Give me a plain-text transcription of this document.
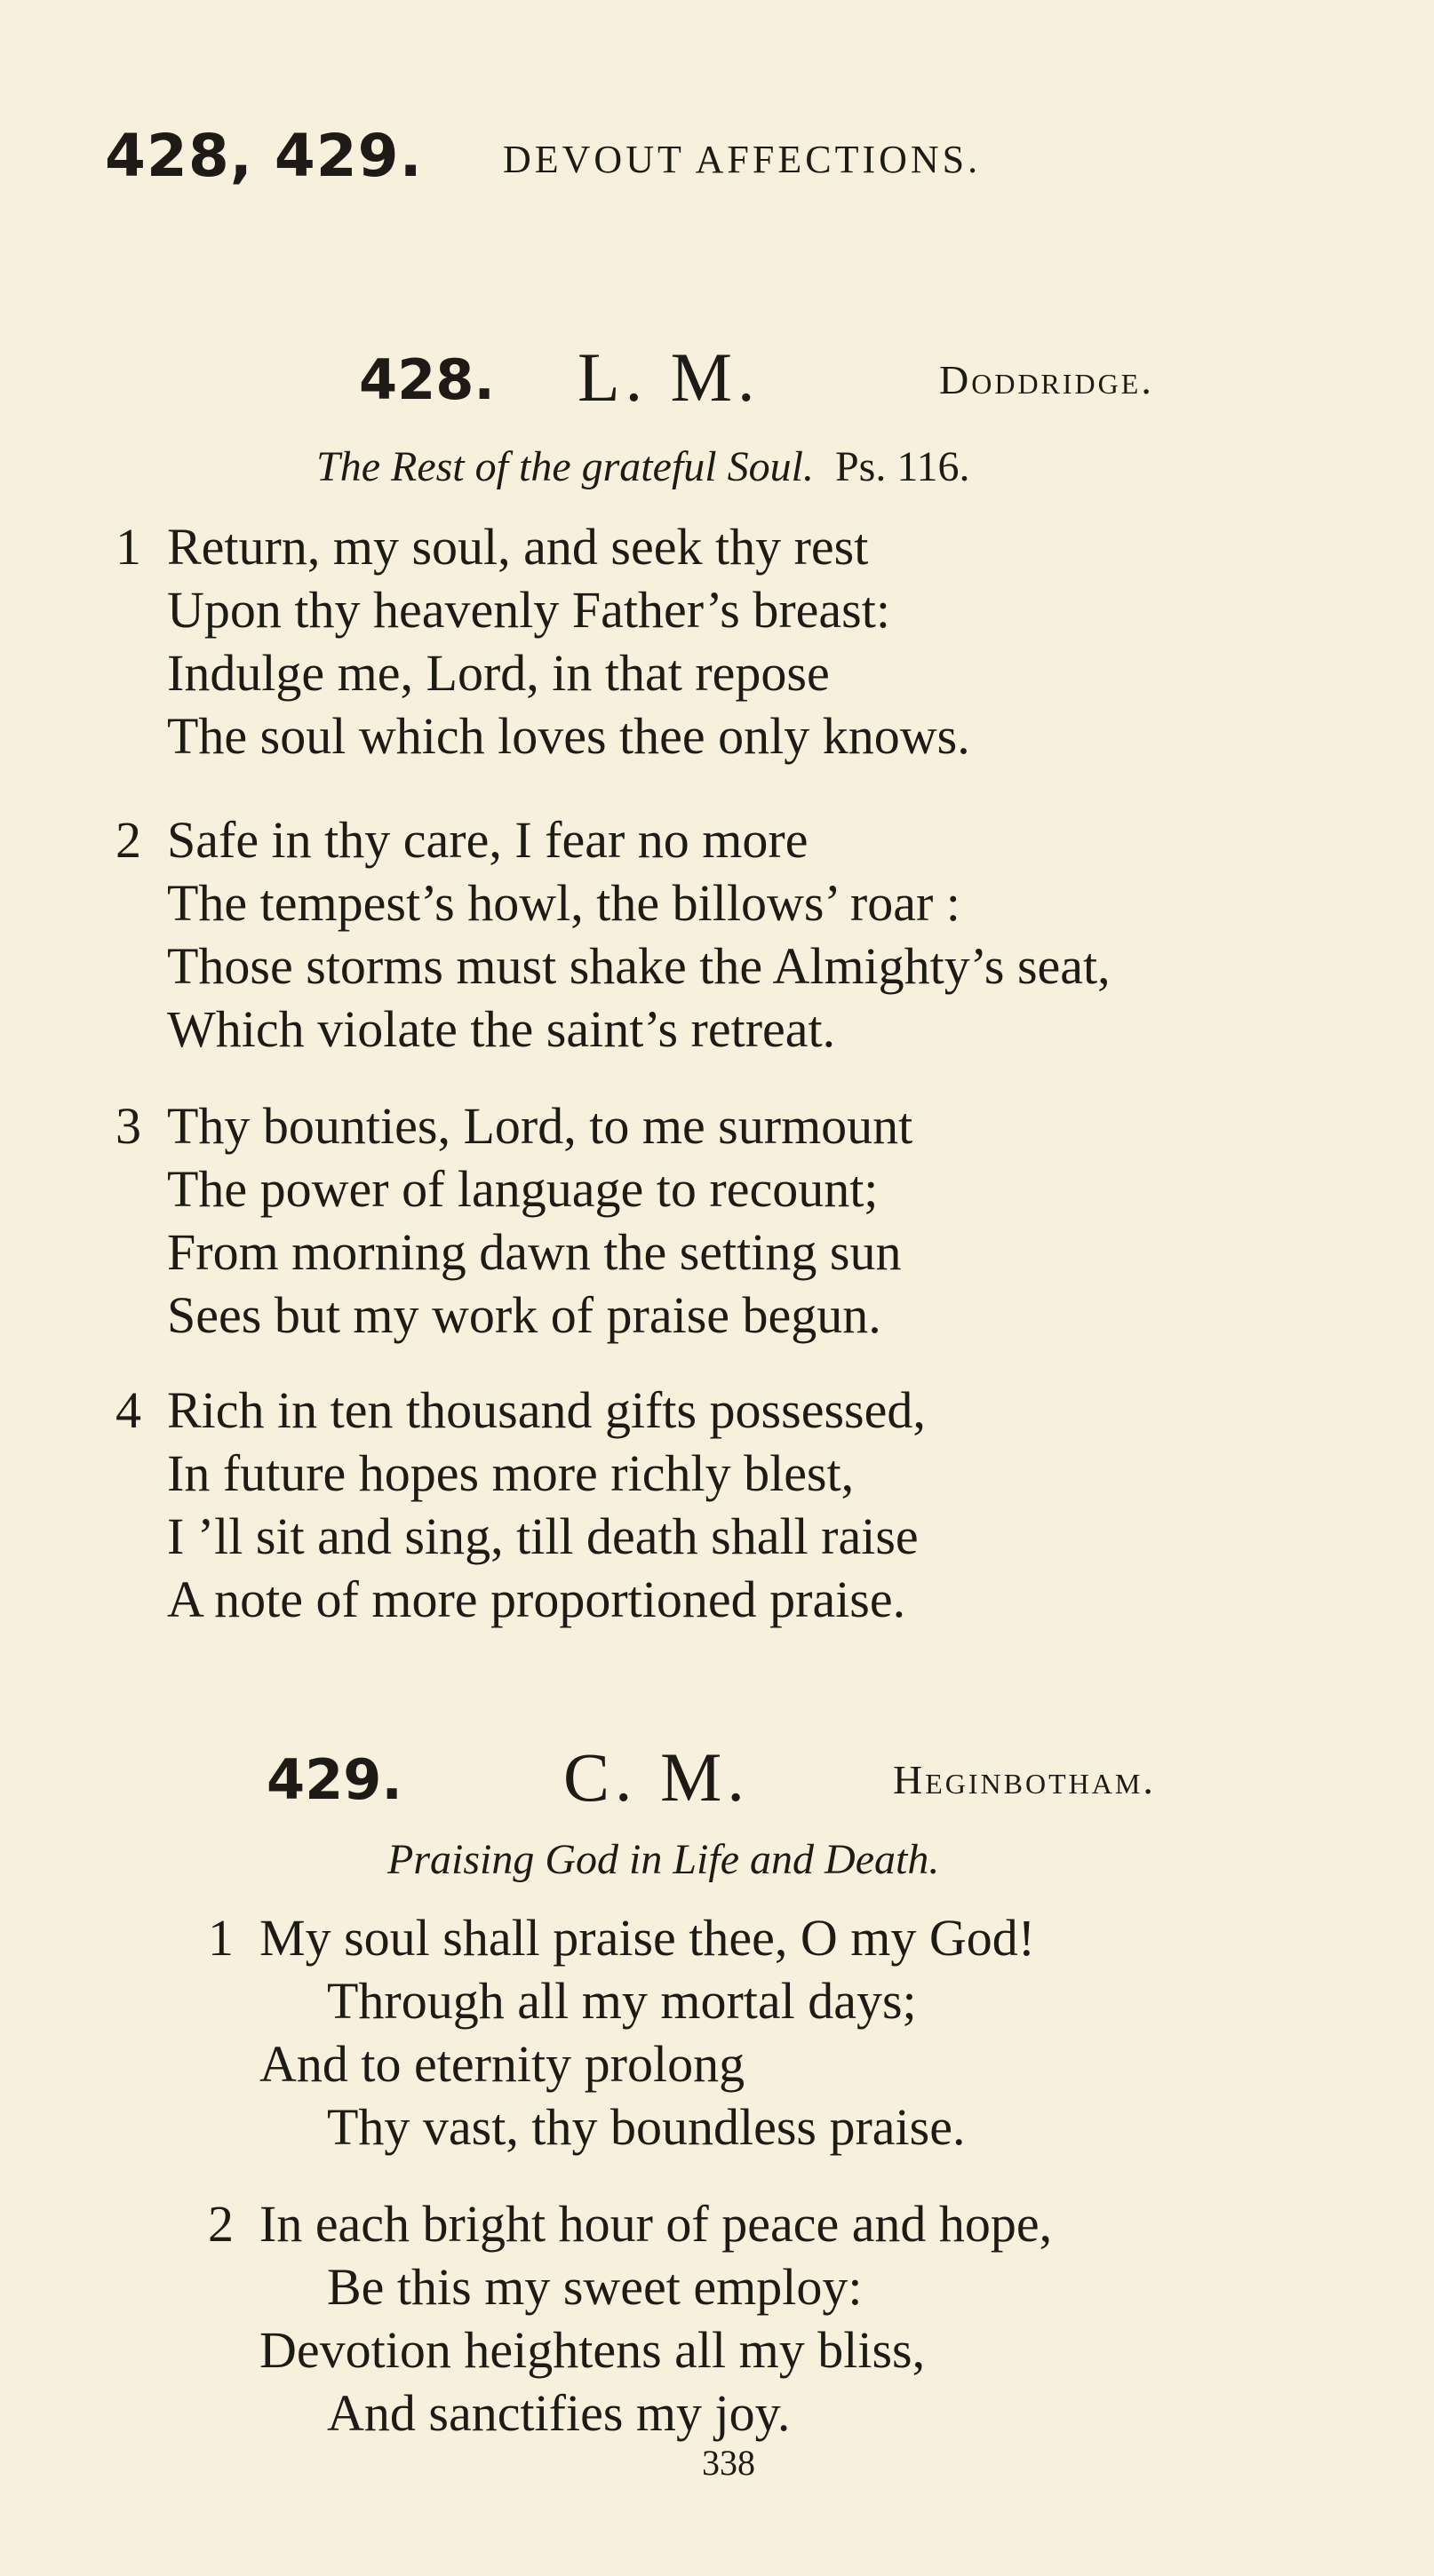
428, 429. DEVOUT AFFECTIONS.
428. L. M.	Doddridge.
The Rest of the grateful Soul. Ps. 116.
1 Return, my soul, and seek thy rest
Upon thy heavenly Father’s breast:
Indulge me, Lord, in that repose
The soul which loves thee only knows.
2 Safe in thy care, I fear no more
The tempest’s howl, the billows’ roar :
Those storms must shake the Almighty’s seat,
Which violate the saint’s retreat.
3 Thy bounties, Lord, to me surmount
The power of language to recount;
From morning dawn the setting sun
Sees but my work of praise begun.
4 Rich in ten thousand gifts possessed,
In future hopes more richly blest,
I ’ll sit and sing, till death shall raise
A note of more proportioned praise.
429. C. M.	Heginbotham.
Praising God in Life and Death.
1 My soul shall praise thee, O my God!
Through all my mortal days;
And to eternity prolong
Thy vast, thy boundless praise.
2 In each bright hour of peace and hope,
Be this my sweet employ:
Devotion heightens all my bliss,
And sanctifies my joy.
338
